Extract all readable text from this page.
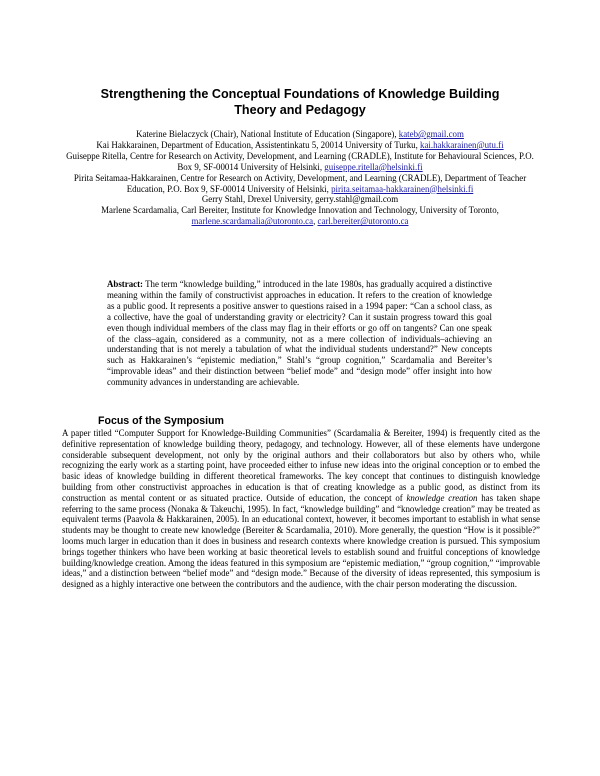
Strengthening the Conceptual Foundations of Knowledge Building
Theory and Pedagogy
Katerine Bielaczyck (Chair), National Institute of Education (Singapore), kateb@gmail.com
Kai Hakkarainen, Department of Education, Assistentinkatu 5, 20014 University of Turku, kai.hakkarainen@utu.fi
Guiseppe Ritella, Centre for Research on Activity, Development, and Learning (CRADLE), Institute for Behavioural Sciences, P.O. Box 9, SF-00014 University of Helsinki, guiseppe.ritella@helsinki.fi
Pirita Seitamaa-Hakkarainen, Centre for Research on Activity, Development, and Learning (CRADLE), Department of Teacher Education, P.O. Box 9, SF-00014 University of Helsinki, pirita.seitamaa-hakkarainen@helsinki.fi
Gerry Stahl, Drexel University, gerry.stahl@gmail.com
Marlene Scardamalia, Carl Bereiter, Institute for Knowledge Innovation and Technology, University of Toronto, marlene.scardamalia@utoronto.ca, carl.bereiter@utoronto.ca
Abstract: The term “knowledge building,” introduced in the late 1980s, has gradually acquired a distinctive meaning within the family of constructivist approaches in education. It refers to the creation of knowledge as a public good. It represents a positive answer to questions raised in a 1994 paper: “Can a school class, as a collective, have the goal of understanding gravity or electricity? Can it sustain progress toward this goal even though individual members of the class may flag in their efforts or go off on tangents? Can one speak of the class–again, considered as a community, not as a mere collection of individuals–achieving an understanding that is not merely a tabulation of what the individual students understand?” New concepts such as Hakkarainen’s “epistemic mediation,” Stahl’s “group cognition,” Scardamalia and Bereiter’s “improvable ideas” and their distinction between “belief mode” and “design mode” offer insight into how community advances in understanding are achievable.
Focus of the Symposium
A paper titled “Computer Support for Knowledge-Building Communities” (Scardamalia & Bereiter, 1994) is frequently cited as the definitive representation of knowledge building theory, pedagogy, and technology. However, all of these elements have undergone considerable subsequent development, not only by the original authors and their collaborators but also by others who, while recognizing the early work as a starting point, have proceeded either to infuse new ideas into the original conception or to embed the basic ideas of knowledge building in different theoretical frameworks. The key concept that continues to distinguish knowledge building from other constructivist approaches in education is that of creating knowledge as a public good, as distinct from its construction as mental content or as situated practice. Outside of education, the concept of knowledge creation has taken shape referring to the same process (Nonaka & Takeuchi, 1995). In fact, “knowledge building” and “knowledge creation” may be treated as equivalent terms (Paavola & Hakkarainen, 2005). In an educational context, however, it becomes important to establish in what sense students may be thought to create new knowledge (Bereiter & Scardamalia, 2010). More generally, the question “How is it possible?” looms much larger in education than it does in business and research contexts where knowledge creation is pursued. This symposium brings together thinkers who have been working at basic theoretical levels to establish sound and fruitful conceptions of knowledge building/knowledge creation. Among the ideas featured in this symposium are “epistemic mediation,” “group cognition,” “improvable ideas,” and a distinction between “belief mode” and “design mode.” Because of the diversity of ideas represented, this symposium is designed as a highly interactive one between the contributors and the audience, with the chair person moderating the discussion.
